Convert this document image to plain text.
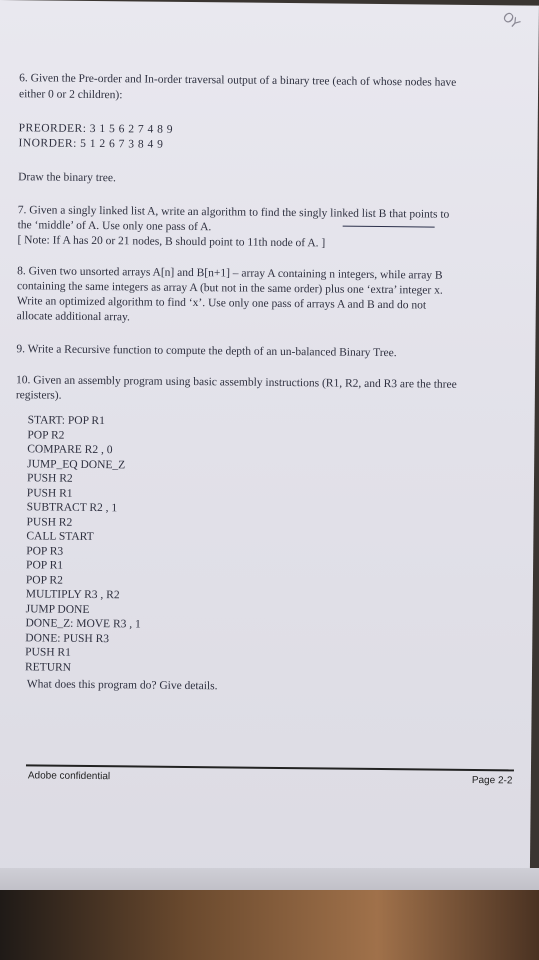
OY
6. Given the Pre-order and In-order traversal output of a binary tree (each of whose nodes have
either 0 or 2 children):
PREORDER: 3 1 5 6 2 7 4 8 9
INORDER: 5 1 2 6 7 3 8 4 9
Draw the binary tree.
7. Given a singly linked list A, write an algorithm to find the singly linked list B that points to
the ‘middle’ of A. Use only one pass of A.
[ Note: If A has 20 or 21 nodes, B should point to 11th node of A. ]
8. Given two unsorted arrays A[n] and B[n+1] – array A containing n integers, while array B
containing the same integers as array A (but not in the same order) plus one ‘extra’ integer x.
Write an optimized algorithm to find ‘x’. Use only one pass of arrays A and B and do not
allocate additional array.
9. Write a Recursive function to compute the depth of an un-balanced Binary Tree.
10. Given an assembly program using basic assembly instructions (R1, R2, and R3 are the three
registers).
START: POP R1
POP R2
COMPARE R2 , 0
JUMP_EQ DONE_Z
PUSH R2
PUSH R1
SUBTRACT R2 , 1
PUSH R2
CALL START
POP R3
POP R1
POP R2
MULTIPLY R3 , R2
JUMP DONE
DONE_Z: MOVE R3 , 1
DONE: PUSH R3
PUSH R1
RETURN
What does this program do? Give details.
Adobe confidential	Page 2-2
